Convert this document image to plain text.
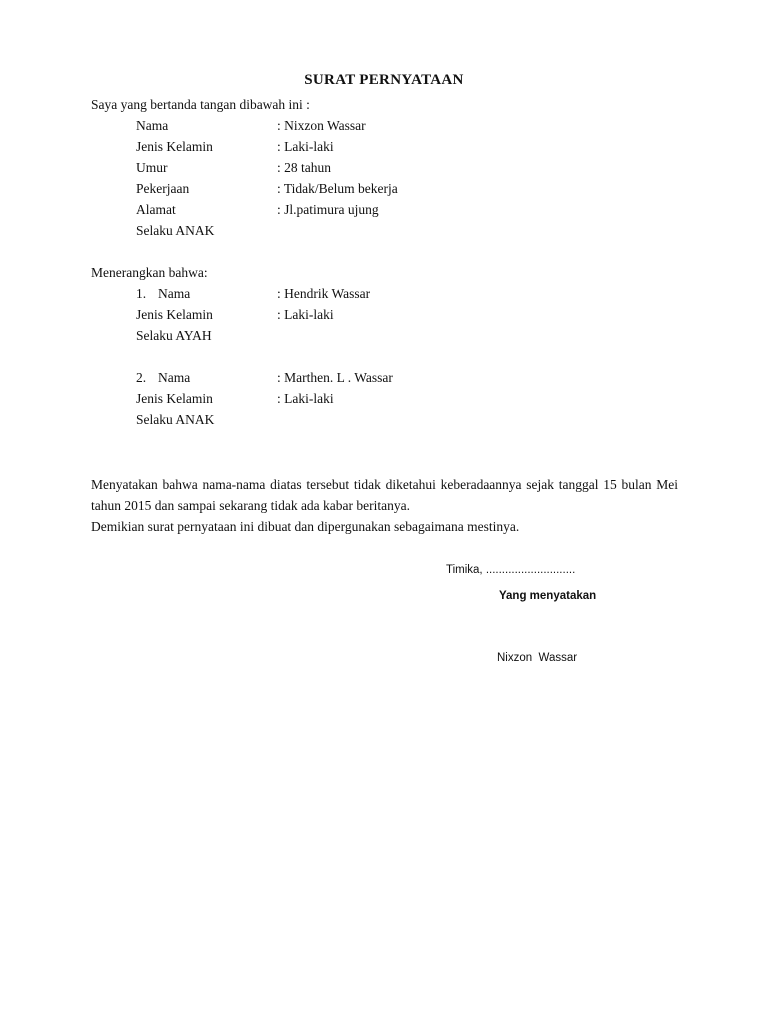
SURAT PERNYATAAN
Saya yang bertanda tangan dibawah ini :
Nama	: Nixzon Wassar
Jenis Kelamin	: Laki-laki
Umur	: 28 tahun
Pekerjaan	: Tidak/Belum bekerja
Alamat	: Jl.patimura ujung
Selaku ANAK
Menerangkan bahwa:
1. Nama	: Hendrik Wassar
Jenis Kelamin	: Laki-laki
Selaku AYAH
2. Nama	: Marthen. L . Wassar
Jenis Kelamin	: Laki-laki
Selaku ANAK

Menyatakan bahwa nama-nama diatas tersebut tidak diketahui keberadaannya sejak tanggal 15 bulan Mei tahun 2015 dan sampai sekarang tidak ada kabar beritanya.

Demikian surat pernyataan ini dibuat dan dipergunakan sebagaimana mestinya.

Timika, ............................
Yang menyatakan
Nixzon  Wassar
